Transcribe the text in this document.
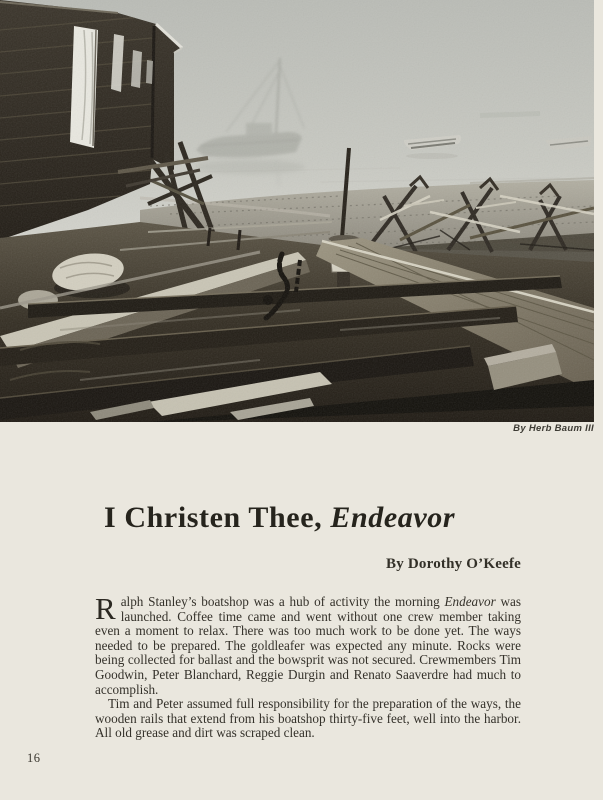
By Herb Baum III
I Christen Thee, Endeavor
By Dorothy O’Keefe

Ralph Stanley’s boatshop was a hub of activity the morning Endeavor was launched. Coffee time came and went without one crew member taking even a moment to relax. There was too much work to be done yet. The ways needed to be prepared. The goldleafer was expected any minute. Rocks were being collected for ballast and the bowsprit was not secured. Crewmembers Tim Goodwin, Peter Blanchard, Reggie Durgin and Renato Saaverdre had much to accomplish.

Tim and Peter assumed full responsibility for the preparation of the ways, the wooden rails that extend from his boatshop thirty-five feet, well into the harbor. All old grease and dirt was scraped clean.

16
